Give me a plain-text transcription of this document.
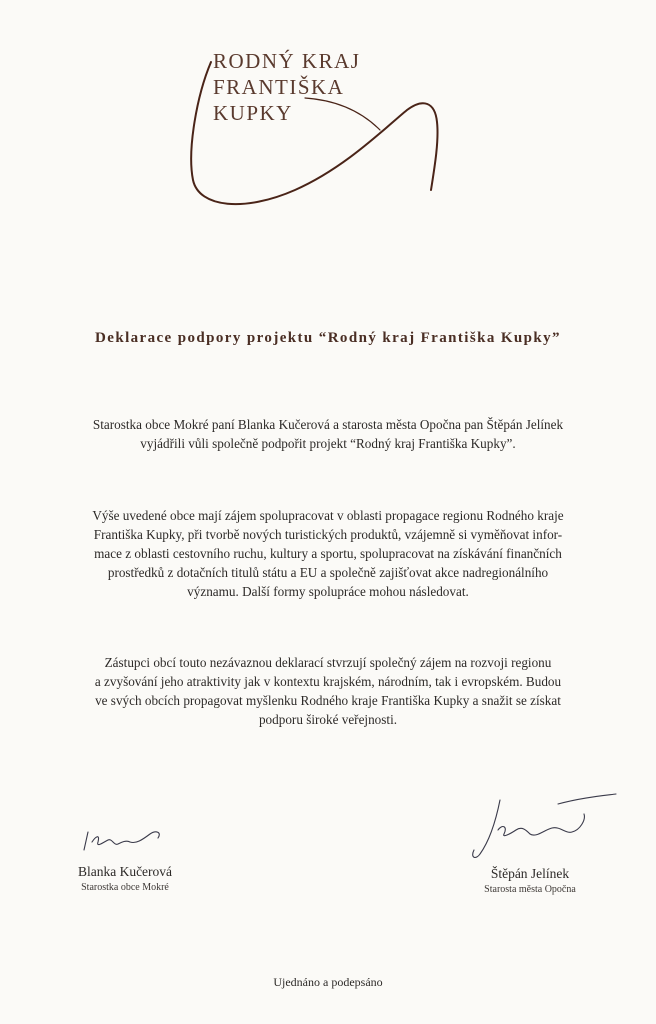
RODNÝ KRAJ
FRANTIŠKA
KUPKY
Deklarace podpory projektu “Rodný kraj Františka Kupky”

Starostka obce Mokré paní Blanka Kučerová a starosta města Opočna pan Štěpán Jelínek
vyjádřili vůli společně podpořit projekt “Rodný kraj Františka Kupky”.

Výše uvedené obce mají zájem spolupracovat v oblasti propagace regionu Rodného kraje
Františka Kupky, při tvorbě nových turistických produktů, vzájemně si vyměňovat infor-
mace z oblasti cestovního ruchu, kultury a sportu, spolupracovat na získávání finančních
prostředků z dotačních titulů státu a EU a společně zajišťovat akce nadregionálního
významu. Další formy spolupráce mohou následovat.

Zástupci obcí touto nezávaznou deklarací stvrzují společný zájem na rozvoji regionu
a zvyšování jeho atraktivity jak v kontextu krajském, národním, tak i evropském. Budou
ve svých obcích propagovat myšlenku Rodného kraje Františka Kupky a snažit se získat
podporu široké veřejnosti.

Blanka Kučerová
Starostka obce Mokré
Štěpán Jelínek
Starosta města Opočna

Ujednáno a podepsáno
